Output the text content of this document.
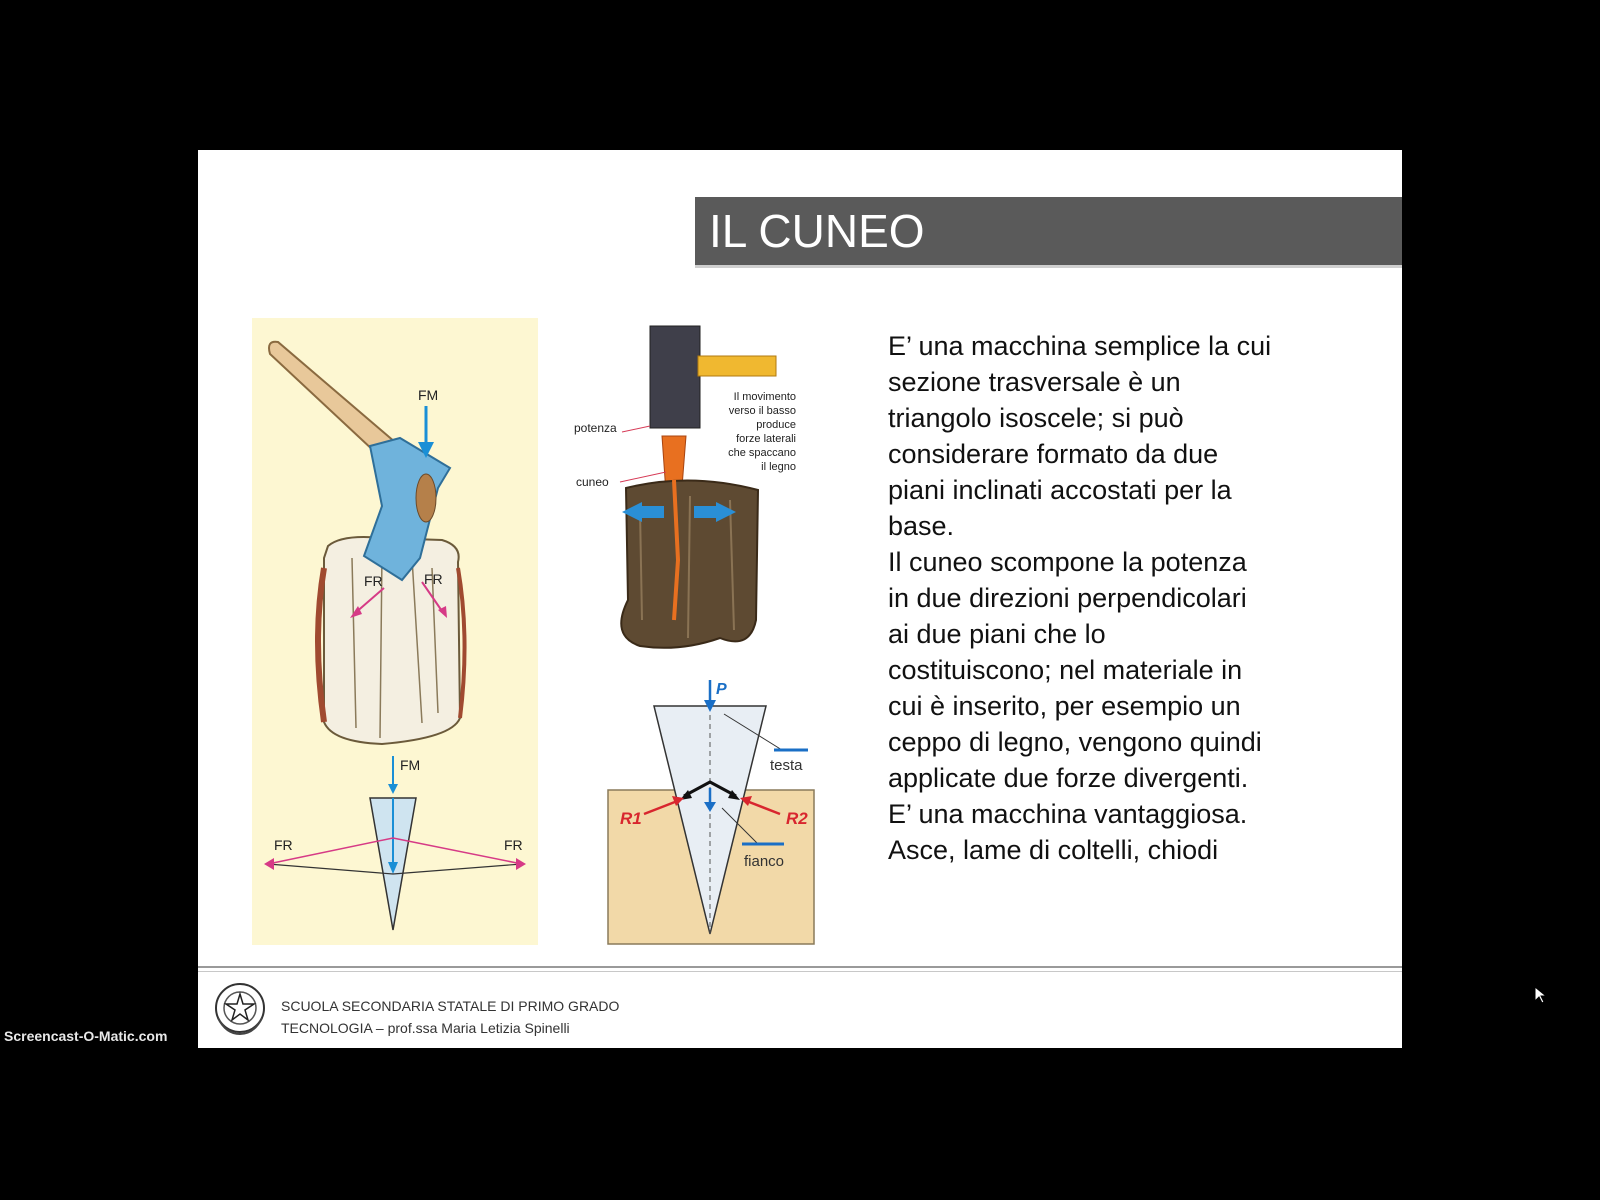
IL CUNEO
FM
FR	FR
FM
FR	FR
potenza
cuneo
Il movimento
verso il basso
produce
forze laterali
che spaccano
il legno
P
testa
R1	R2
fianco

E’ una macchina semplice la cui

sezione trasversale è un

triangolo isoscele; si può

considerare formato da due

piani inclinati accostati per la

base.

Il cuneo scompone la potenza

in due direzioni perpendicolari

ai due piani che lo

costituiscono; nel materiale in

cui è inserito, per esempio un

ceppo di legno, vengono quindi

applicate due forze divergenti.

E’ una macchina vantaggiosa.

Asce, lame di coltelli, chiodi

SCUOLA SECONDARIA STATALE DI PRIMO GRADO
TECNOLOGIA – prof.ssa Maria Letizia Spinelli
Screencast-O-Matic.com
